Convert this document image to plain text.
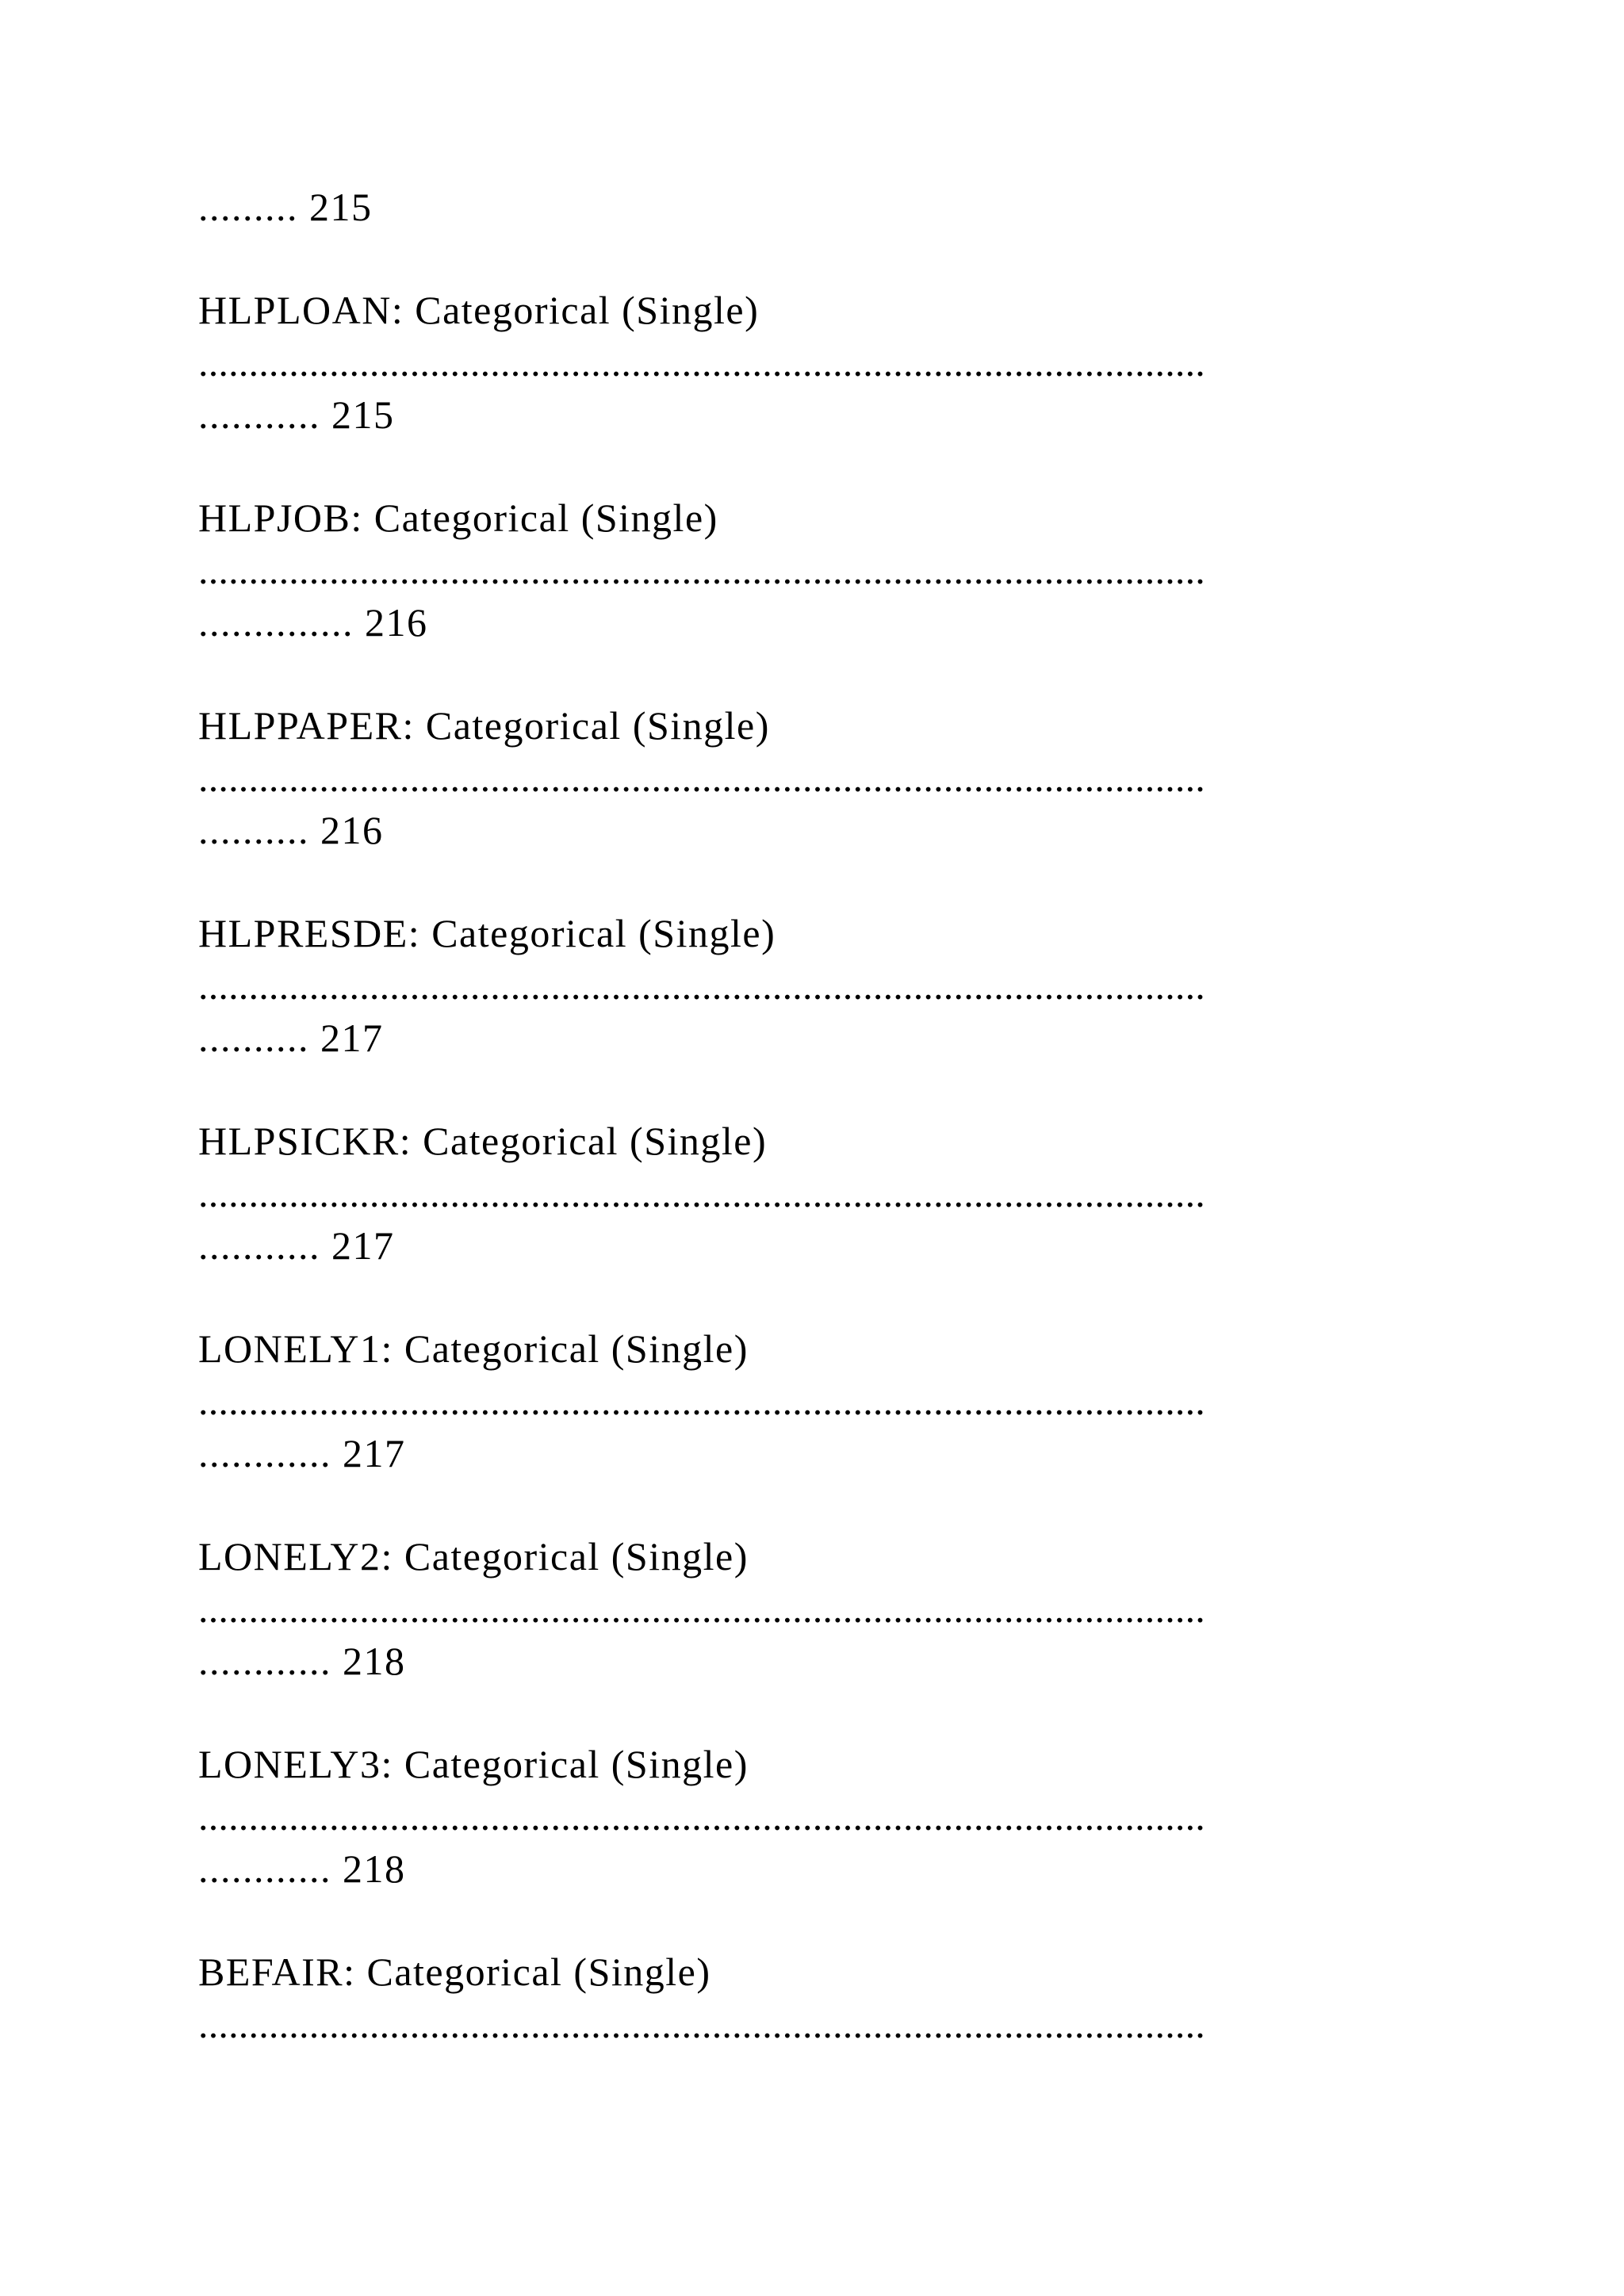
......... 215
HLPLOAN: Categorical (Single)
....................................................................................................
........... 215
HLPJOB: Categorical (Single)
....................................................................................................
.............. 216
HLPPAPER: Categorical (Single)
....................................................................................................
.......... 216
HLPRESDE: Categorical (Single)
....................................................................................................
.......... 217
HLPSICKR: Categorical (Single)
....................................................................................................
........... 217
LONELY1: Categorical (Single)
....................................................................................................
............ 217
LONELY2: Categorical (Single)
....................................................................................................
............ 218
LONELY3: Categorical (Single)
....................................................................................................
............ 218
BEFAIR: Categorical (Single)
....................................................................................................
